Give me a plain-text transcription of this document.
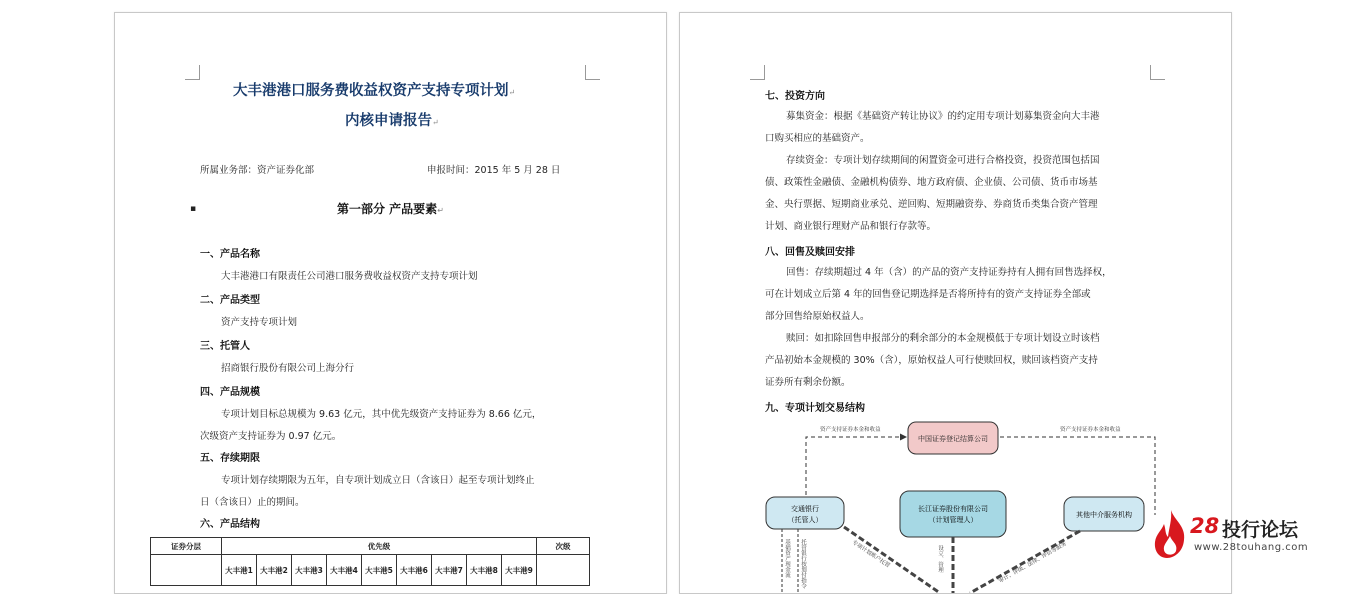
大丰港港口服务费收益权资产支持专项计划↵
内核申请报告↵
所属业务部：资产证券化部	申报时间：2015 年 5 月 28 日
▪	第一部分 产品要素↵
证券分层	优先级									次级
	大丰港1	大丰港2	大丰港3	大丰港4	大丰港5	大丰港6	大丰港7	大丰港8	大丰港9	
一、产品名称
大丰港港口有限责任公司港口服务费收益权资产支持专项计划
二、产品类型
资产支持专项计划
三、托管人
招商银行股份有限公司上海分行
四、产品规模
专项计划目标总规模为 9.63 亿元，其中优先级资产支持证券为 8.66 亿元，
次级资产支持证券为 0.97 亿元。
五、存续期限
专项计划存续期限为五年，自专项计划成立日（含该日）起至专项计划终止
日（含该日）止的期间。
六、产品结构
资产支持证券本金和收益	资产支持证券本金和收益
中国证券登记结算公司
交通银行
（托管人）
长江证券股份有限公司
（计划管理人）
其他中介服务机构
基础资产现金流 托管银行按划付指令	专项计划账户托管	设立、管理	审计、评级、法律、评估等服务
七、投资方向
募集资金：根据《基础资产转让协议》的约定用专项计划募集资金向大丰港
口购买相应的基础资产。
存续资金：专项计划存续期间的闲置资金可进行合格投资，投资范围包括国
债、政策性金融债、金融机构债券、地方政府债、企业债、公司债、货币市场基
金、央行票据、短期商业承兑、逆回购、短期融资券、券商货币类集合资产管理
计划、商业银行理财产品和银行存款等。
八、回售及赎回安排
回售：存续期超过 4 年（含）的产品的资产支持证券持有人拥有回售选择权，
可在计划成立后第 4 年的回售登记期选择是否将所持有的资产支持证券全部或
部分回售给原始权益人。
赎回：如扣除回售申报部分的剩余部分的本金规模低于专项计划设立时该档
产品初始本金规模的 30%（含），原始权益人可行使赎回权，赎回该档资产支持
证券所有剩余份额。
九、专项计划交易结构
28 投行论坛
www.28touhang.com
